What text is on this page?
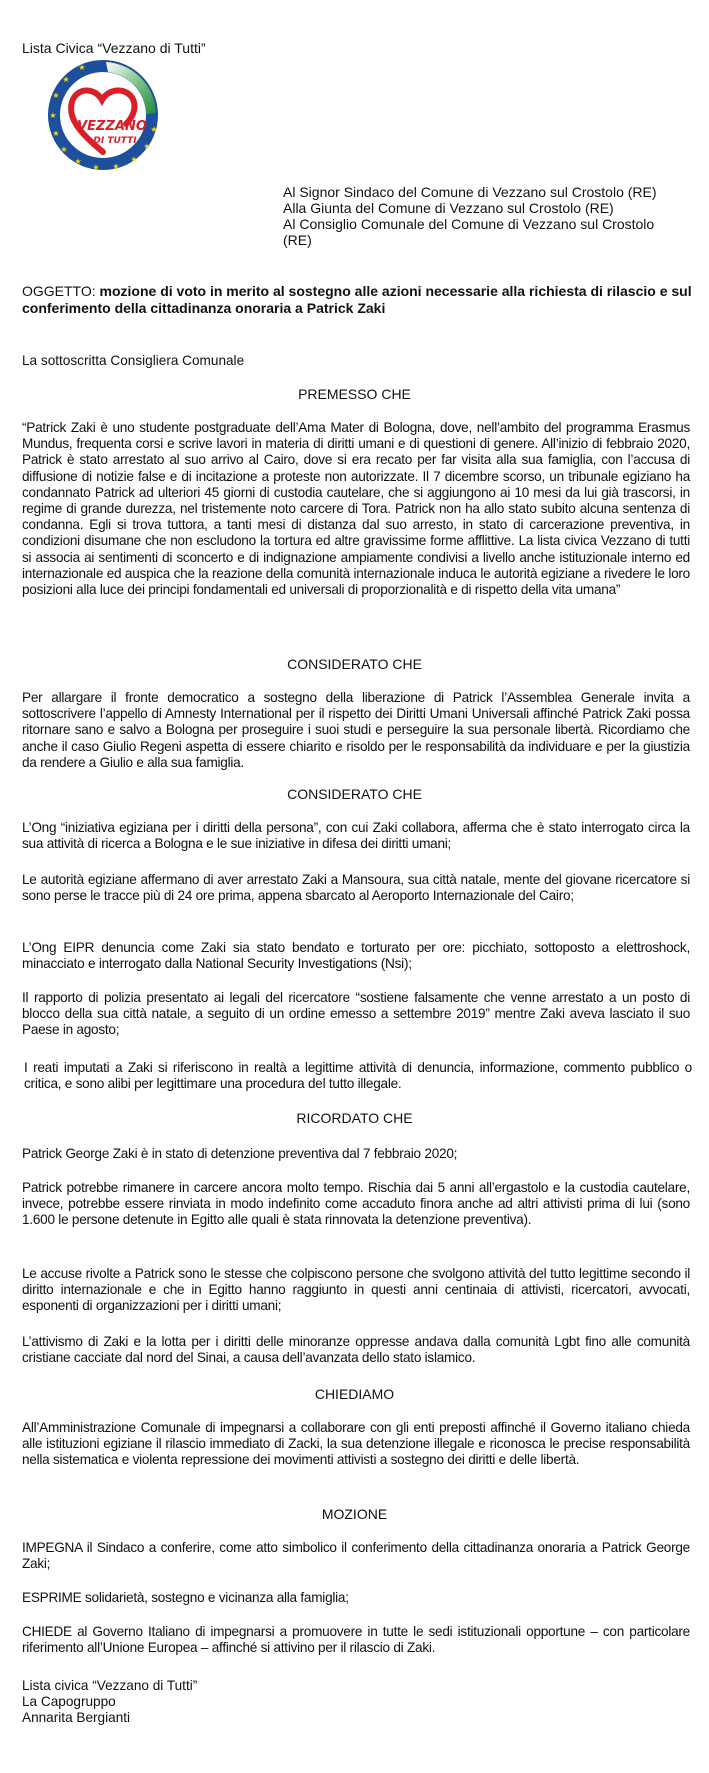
Lista Civica “Vezzano di Tutti”
★
★
★
★
★
★
★
★ ★
★
★
★
VEZZANO
DI TUTTI
Al Signor Sindaco del Comune di Vezzano sul Crostolo (RE)
Alla Giunta del Comune di Vezzano sul Crostolo (RE)
Al Consiglio Comunale del Comune di Vezzano sul Crostolo
(RE)
OGGETTO: mozione di voto in merito al sostegno alle azioni necessarie alla richiesta di rilascio e sul conferimento della cittadinanza onoraria a Patrick Zaki
La sottoscritta Consigliera Comunale
PREMESSO CHE
“Patrick Zaki è uno studente postgraduate dell’Ama Mater di Bologna, dove, nell’ambito del programma Erasmus Mundus, frequenta corsi e scrive lavori in materia di diritti umani e di questioni di genere. All’inizio di febbraio 2020, Patrick è stato arrestato al suo arrivo al Cairo, dove si era recato per far visita alla sua famiglia, con l’accusa di diffusione di notizie false e di incitazione a proteste non autorizzate. Il 7 dicembre scorso, un tribunale egiziano ha condannato Patrick ad ulteriori 45 giorni di custodia cautelare, che si aggiungono ai 10 mesi da lui già trascorsi, in regime di grande durezza, nel tristemente noto carcere di Tora. Patrick non ha allo stato subito alcuna sentenza di condanna. Egli si trova tuttora, a tanti mesi di distanza dal suo arresto, in stato di carcerazione preventiva, in condizioni disumane che non escludono la tortura ed altre gravissime forme afflittive. La lista civica Vezzano di tutti si associa ai sentimenti di sconcerto e di indignazione ampiamente condivisi a livello anche istituzionale interno ed internazionale ed auspica che la reazione della comunità internazionale induca le autorità egiziane a rivedere le loro posizioni alla luce dei principi fondamentali ed universali di proporzionalità e di rispetto della vita umana”
CONSIDERATO CHE
Per allargare il fronte democratico a sostegno della liberazione di Patrick l’Assemblea Generale invita a sottoscrivere l’appello di Amnesty International per il rispetto dei Diritti Umani Universali affinché Patrick Zaki possa ritornare sano e salvo a Bologna per proseguire i suoi studi e perseguire la sua personale libertà. Ricordiamo che anche il caso Giulio Regeni aspetta di essere chiarito e risoldo per le responsabilità da individuare e per la giustizia da rendere a Giulio e alla sua famiglia.
CONSIDERATO CHE
L’Ong “iniziativa egiziana per i diritti della persona”, con cui Zaki collabora, afferma che è stato interrogato circa la sua attività di ricerca a Bologna e le sue iniziative in difesa dei diritti umani;
Le autorità egiziane affermano di aver arrestato Zaki a Mansoura, sua città natale, mente del giovane ricercatore si sono perse le tracce più di 24 ore prima, appena sbarcato al Aeroporto Internazionale del Cairo;
L’Ong EIPR denuncia come Zaki sia stato bendato e torturato per ore: picchiato, sottoposto a elettroshock, minacciato e interrogato dalla National Security Investigations (Nsi);
Il rapporto di polizia presentato ai legali del ricercatore “sostiene falsamente che venne arrestato a un posto di blocco della sua città natale, a seguito di un ordine emesso a settembre 2019” mentre Zaki aveva lasciato il suo Paese in agosto;
I reati imputati a Zaki si riferiscono in realtà a legittime attività di denuncia, informazione, commento pubblico o critica, e sono alibi per legittimare una procedura del tutto illegale.
RICORDATO CHE
Patrick George Zaki è in stato di detenzione preventiva dal 7 febbraio 2020;
Patrick potrebbe rimanere in carcere ancora molto tempo. Rischia dai 5 anni all’ergastolo e la custodia cautelare, invece, potrebbe essere rinviata in modo indefinito come accaduto finora anche ad altri attivisti prima di lui (sono 1.600 le persone detenute in Egitto alle quali è stata rinnovata la detenzione preventiva).
Le accuse rivolte a Patrick sono le stesse che colpiscono persone che svolgono attività del tutto legittime secondo il diritto internazionale e che in Egitto hanno raggiunto in questi anni centinaia di attivisti, ricercatori, avvocati, esponenti di organizzazioni per i diritti umani;
L’attivismo di Zaki e la lotta per i diritti delle minoranze oppresse andava dalla comunità Lgbt fino alle comunità cristiane cacciate dal nord del Sinai, a causa dell’avanzata dello stato islamico.
CHIEDIAMO
All’Amministrazione Comunale di impegnarsi a collaborare con gli enti preposti affinché il Governo italiano chieda alle istituzioni egiziane il rilascio immediato di Zacki, la sua detenzione illegale e riconosca le precise responsabilità nella sistematica e violenta repressione dei movimenti attivisti a sostegno dei diritti e delle libertà.
MOZIONE
IMPEGNA il Sindaco a conferire, come atto simbolico il conferimento della cittadinanza onoraria a Patrick George Zaki;
ESPRIME solidarietà, sostegno e vicinanza alla famiglia;
CHIEDE al Governo Italiano di impegnarsi a promuovere in tutte le sedi istituzionali opportune – con particolare riferimento all’Unione Europea – affinché si attivino per il rilascio di Zaki.
Lista civica “Vezzano di Tutti”
La Capogruppo
Annarita Bergianti
